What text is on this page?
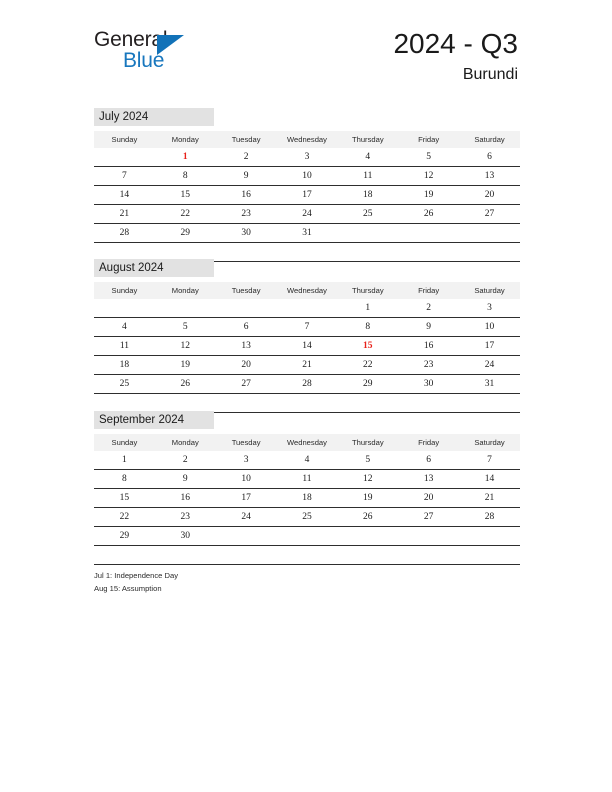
General
Blue
2024 - Q3
Burundi
July 2024
Sunday	Monday	Tuesday	Wednesday	Thursday	Friday	Saturday
	1	2	3	4	5	6
7	8	9	10	11	12	13
14	15	16	17	18	19	20
21	22	23	24	25	26	27
28	29	30	31			

August 2024
Sunday	Monday	Tuesday	Wednesday	Thursday	Friday	Saturday
				1	2	3
4	5	6	7	8	9	10
11	12	13	14	15	16	17
18	19	20	21	22	23	24
25	26	27	28	29	30	31

September 2024
Sunday	Monday	Tuesday	Wednesday	Thursday	Friday	Saturday
1	2	3	4	5	6	7
8	9	10	11	12	13	14
15	16	17	18	19	20	21
22	23	24	25	26	27	28
29	30					

Jul 1: Independence Day
Aug 15: Assumption
